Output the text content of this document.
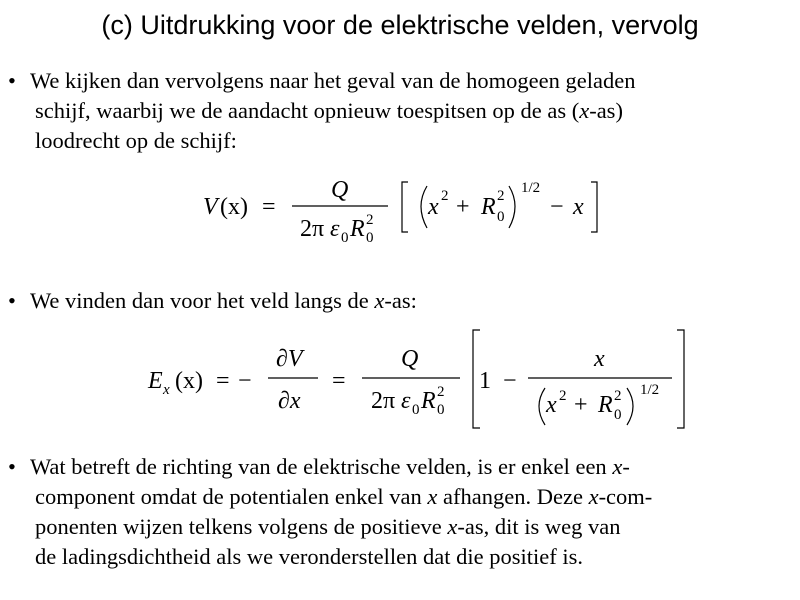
(c) Uitdrukking voor de elektrische velden, vervolg
• We kijken dan vervolgens naar het geval van de homogeen geladen
schijf, waarbij we de aandacht opnieuw toespitsen op de as (x-as)
loodrecht op de schijf:
V (x) =
Q
2π ε 0 R 0
2 x 2 + R 0
2 1/2
− x
• We vinden dan voor het veld langs de x-as:
E x (x) = −
∂V
∂x
=
Q
2π ε 0 R 0
2 1 −
x
x 2 + R 0
2 1/2
• Wat betreft de richting van de elektrische velden, is er enkel een x-
component omdat de potentialen enkel van x afhangen. Deze x-com-
ponenten wijzen telkens volgens de positieve x-as, dit is weg van
de ladingsdichtheid als we veronderstellen dat die positief is.
